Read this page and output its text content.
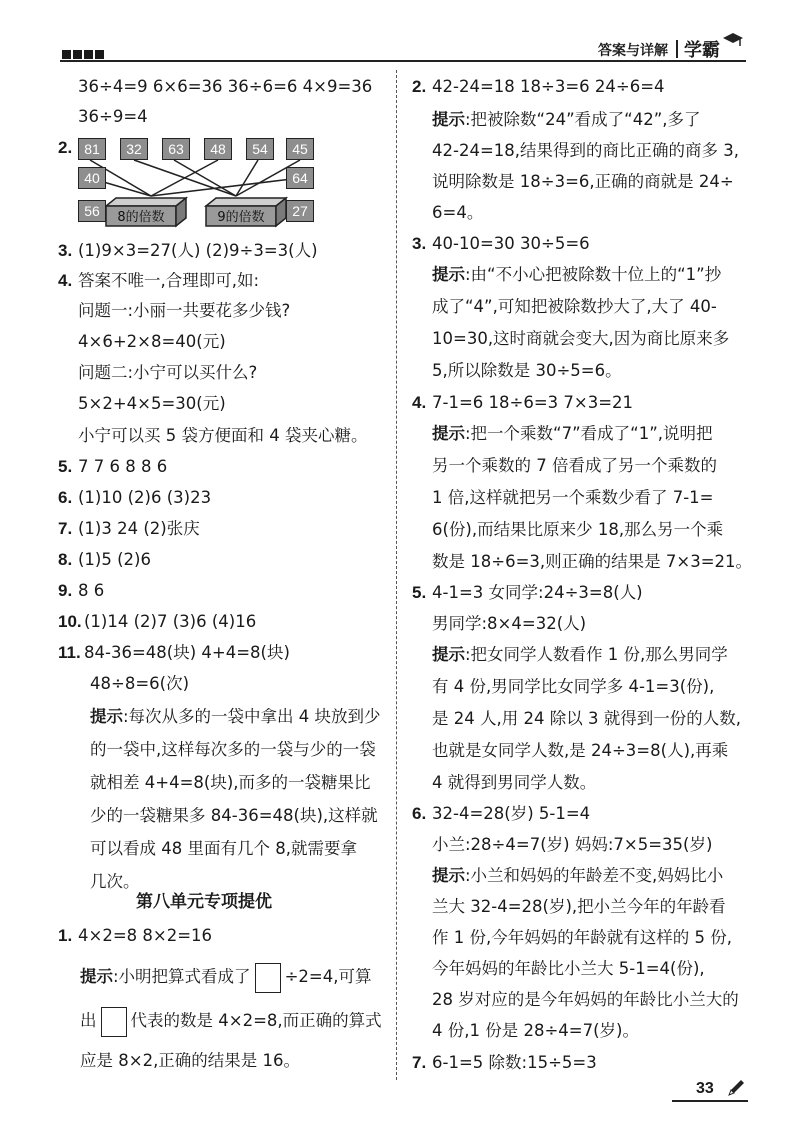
答案与详解 学霸
36÷4=9 6×6=36 36÷6=6 4×9=36
36÷9=4
2. 81	32	63	48	54	45
40	64
56	27
8的倍数	9的倍数
3. (1)9×3=27(人) (2)9÷3=3(人)
4. 答案不唯一,合理即可,如:
问题一:小丽一共要花多少钱?
4×6+2×8=40(元)
问题二:小宁可以买什么?
5×2+4×5=30(元)
小宁可以买 5 袋方便面和 4 袋夹心糖。
5. 7 7 6 8 8 6
6. (1)10 (2)6 (3)23
7. (1)3 24 (2)张庆
8. (1)5 (2)6
9. 8 6
10. (1)14 (2)7 (3)6 (4)16
11. 84-36=48(块) 4+4=8(块)
48÷8=6(次)
提示:每次从多的一袋中拿出 4 块放到少
的一袋中,这样每次多的一袋与少的一袋
就相差 4+4=8(块),而多的一袋糖果比
少的一袋糖果多 84-36=48(块),这样就
可以看成 48 里面有几个 8,就需要拿
几次。
第八单元专项提优
1. 4×2=8 8×2=16
提示:小明把算式看成了 ÷2=4,可算
出 代表的数是 4×2=8,而正确的算式
应是 8×2,正确的结果是 16。
2. 42-24=18 18÷3=6 24÷6=4
提示:把被除数“24”看成了“42”,多了
42-24=18,结果得到的商比正确的商多 3,
说明除数是 18÷3=6,正确的商就是 24÷
6=4。
3. 40-10=30 30÷5=6
提示:由“不小心把被除数十位上的“1”抄
成了“4”,可知把被除数抄大了,大了 40-
10=30,这时商就会变大,因为商比原来多
5,所以除数是 30÷5=6。
4. 7-1=6 18÷6=3 7×3=21
提示:把一个乘数“7”看成了“1”,说明把
另一个乘数的 7 倍看成了另一个乘数的
1 倍,这样就把另一个乘数少看了 7-1=
6(份),而结果比原来少 18,那么另一个乘
数是 18÷6=3,则正确的结果是 7×3=21。
5. 4-1=3 女同学:24÷3=8(人)
男同学:8×4=32(人)
提示:把女同学人数看作 1 份,那么男同学
有 4 份,男同学比女同学多 4-1=3(份),
是 24 人,用 24 除以 3 就得到一份的人数,
也就是女同学人数,是 24÷3=8(人),再乘
4 就得到男同学人数。
6. 32-4=28(岁) 5-1=4
小兰:28÷4=7(岁) 妈妈:7×5=35(岁)
提示:小兰和妈妈的年龄差不变,妈妈比小
兰大 32-4=28(岁),把小兰今年的年龄看
作 1 份,今年妈妈的年龄就有这样的 5 份,
今年妈妈的年龄比小兰大 5-1=4(份),
28 岁对应的是今年妈妈的年龄比小兰大的
4 份,1 份是 28÷4=7(岁)。
7. 6-1=5 除数:15÷5=3
33
